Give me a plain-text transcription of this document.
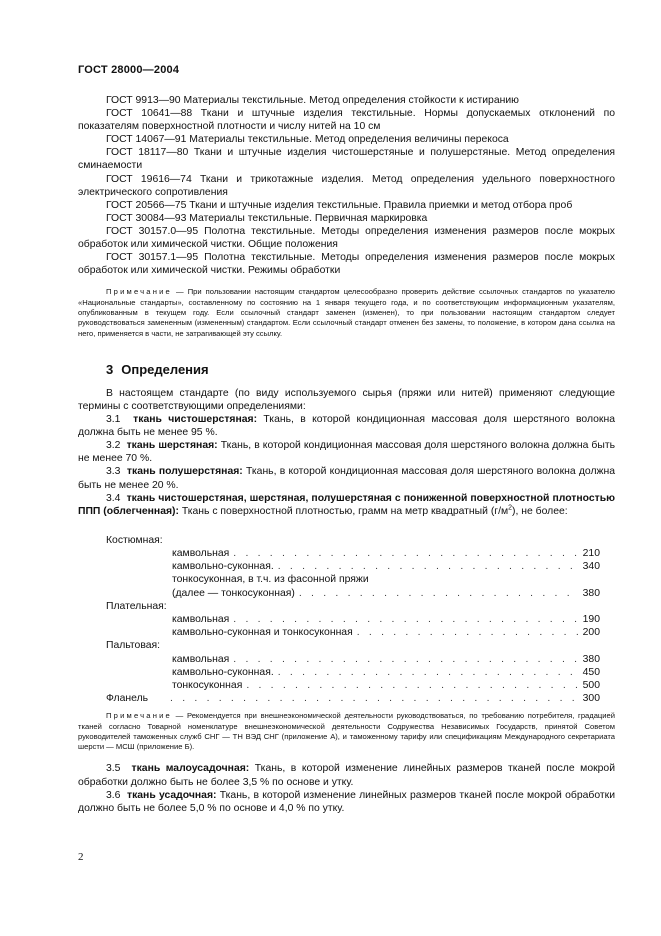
ГОСТ 28000—2004

ГОСТ 9913—90 Материалы текстильные. Метод определения стойкости к истиранию

ГОСТ 10641—88 Ткани и штучные изделия текстильные. Нормы допускаемых отклонений по показателям поверхностной плотности и числу нитей на 10 см

ГОСТ 14067—91 Материалы текстильные. Метод определения величины перекоса

ГОСТ 18117—80 Ткани и штучные изделия чистошерстяные и полушерстяные. Метод определения сминаемости

ГОСТ 19616—74 Ткани и трикотажные изделия. Метод определения удельного поверхностного электрического сопротивления

ГОСТ 20566—75 Ткани и штучные изделия текстильные. Правила приемки и метод отбора проб

ГОСТ 30084—93 Материалы текстильные. Первичная маркировка

ГОСТ 30157.0—95 Полотна текстильные. Методы определения изменения размеров после мокрых обработок или химической чистки. Общие положения

ГОСТ 30157.1—95 Полотна текстильные. Методы определения изменения размеров после мокрых обработок или химической чистки. Режимы обработки

Примечание — При пользовании настоящим стандартом целесообразно проверить действие ссылочных стандартов по указателю «Национальные стандарты», составленному по состоянию на 1 января текущего года, и по соответствующим информационным указателям, опубликованным в текущем году. Если ссылочный стандарт заменен (изменен), то при пользовании настоящим стандартом следует руководствоваться замененным (измененным) стандартом. Если ссылочный стандарт отменен без замены, то положение, в котором дана ссылка на него, применяется в части, не затрагивающей эту ссылку.

3 Определения

В настоящем стандарте (по виду используемого сырья (пряжи или нитей) применяют следующие термины с соответствующими определениями:

3.1 ткань чистошерстяная: Ткань, в которой кондиционная массовая доля шерстяного волокна должна быть не менее 95 %.

3.2 ткань шерстяная: Ткань, в которой кондиционная массовая доля шерстяного волокна должна быть не менее 70 %.

3.3 ткань полушерстяная: Ткань, в которой кондиционная массовая доля шерстяного волокна должна быть не менее 20 %.

3.4 ткань чистошерстяная, шерстяная, полушерстяная с пониженной поверхностной плотностью ППП (облегченная): Ткань с поверхностной плотностью, грамм на метр квадратный $(г/м^2)$, не более:

Костюмная:
камвольная . . .	210
камвольно-суконная. . . .	340
тонкосуконная, в т.ч. из фасонной пряжи
(далее — тонкосуконная) . . .	380
Плательная:
камвольная . . .	190
камвольно-суконная и тонкосуконная . . .	200
Пальтовая:
камвольная . . .	380
камвольно-суконная. . . .	450
тонкосуконная . . .	500
Фланель . . .	300

Примечание — Рекомендуется при внешнеэкономической деятельности руководствоваться, по требованию потребителя, градацией тканей согласно Товарной номенклатуре внешнеэкономической деятельности Содружества Независимых Государств, принятой Советом руководителей таможенных служб СНГ — ТН ВЭД СНГ (приложение А), и таможенному тарифу или спецификациям Международного секретариата шерсти — МСШ (приложение Б).

3.5 ткань малоусадочная: Ткань, в которой изменение линейных размеров тканей после мокрой обработки должно быть не более 3,5 % по основе и утку.

3.6 ткань усадочная: Ткань, в которой изменение линейных размеров тканей после мокрой обработки должно быть не более 5,0 % по основе и 4,0 % по утку.

2
